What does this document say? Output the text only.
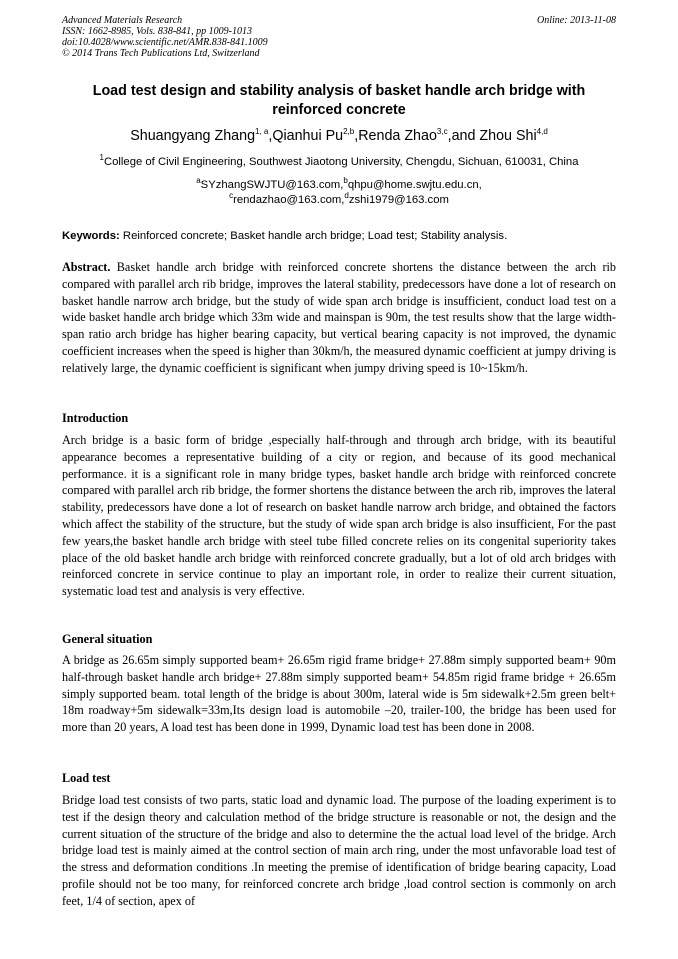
Advanced Materials Research
ISSN: 1662-8985, Vols. 838-841, pp 1009-1013
doi:10.4028/www.scientific.net/AMR.838-841.1009
© 2014 Trans Tech Publications Ltd, Switzerland
Online: 2013-11-08
Load test design and stability analysis of basket handle arch bridge with reinforced concrete
Shuangyang Zhang$^{1, a}$,Qianhui Pu$^{2,b}$,Renda Zhao$^{3,c}$,and Zhou Shi$^{4,d}$
$^1$College of Civil Engineering, Southwest Jiaotong University, Chengdu, Sichuan, 610031, China
$^a$SYzhangSWJTU@163.com,$^b$qhpu@home.swjtu.edu.cn,
$^c$rendazhao@163.com,$^d$zshi1979@163.com
Keywords: Reinforced concrete; Basket handle arch bridge; Load test; Stability analysis.
Abstract. Basket handle arch bridge with reinforced concrete shortens the distance between the arch rib compared with parallel arch rib bridge, improves the lateral stability, predecessors have done a lot of research on basket handle narrow arch bridge, but the study of wide span arch bridge is insufficient, conduct load test on a wide basket handle arch bridge which 33m wide and mainspan is 90m, the test results show that the large width-span ratio arch bridge has higher bearing capacity, but vertical bearing capacity is not improved, the dynamic coefficient increases when the speed is higher than 30km/h, the measured dynamic coefficient at jumpy driving is relatively large, the dynamic coefficient is significant when jumpy driving speed is 10~15km/h.
Introduction
Arch bridge is a basic form of bridge ,especially half-through and through arch bridge, with its beautiful appearance becomes a representative building of a city or region, and because of its good mechanical performance. it is a significant role in many bridge types, basket handle arch bridge with reinforced concrete compared with parallel arch rib bridge, the former shortens the distance between the arch rib, improves the lateral stability, predecessors have done a lot of research on basket handle narrow arch bridge, and obtained the factors which affect the stability of the structure, but the study of wide span arch bridge is also insufficient, For the past few years,the basket handle arch bridge with steel tube filled concrete relies on its congenital superiority takes place of the old basket handle arch bridge with reinforced concrete gradually, but a lot of old arch bridges with reinforced concrete in service continue to play an important role, in order to realize their current situation, systematic load test and analysis is very effective.
General situation
A bridge as 26.65m simply supported beam+ 26.65m rigid frame bridge+ 27.88m simply supported beam+ 90m half-through basket handle arch bridge+ 27.88m simply supported beam+ 54.85m rigid frame bridge + 26.65m simply supported beam. total length of the bridge is about 300m, lateral wide is 5m sidewalk+2.5m green belt+ 18m roadway+5m sidewalk=33m,Its design load is automobile –20, trailer-100, the bridge has been used for more than 20 years, A load test has been done in 1999, Dynamic load test has been done in 2008.
Load test
Bridge load test consists of two parts, static load and dynamic load. The purpose of the loading experiment is to test if the design theory and calculation method of the bridge structure is reasonable or not, the design and the current situation of the structure of the bridge and also to determine the the actual load level of the bridge. Arch bridge load test is mainly aimed at the control section of main arch ring, under the most unfavorable load test of the stress and deformation conditions .In meeting the premise of identification of bridge bearing capacity, Load profile should not be too many, for reinforced concrete arch bridge ,load control section is commonly on arch feet, 1/4 of section, apex of
